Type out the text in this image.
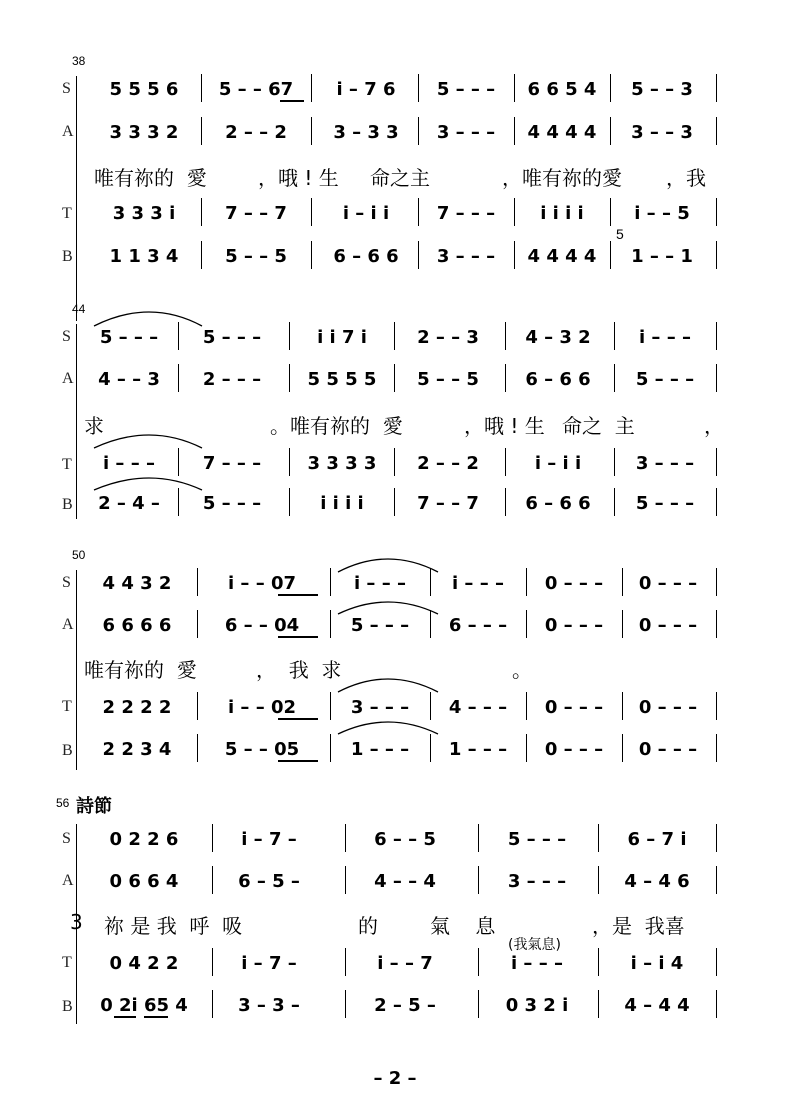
38
S
A
T
B
5 5 5 6	5 – – 67	i – 7 6	5 – – –	6 6 5 4	5 – – 3
3 3 3 2	2 – – 2	3 – 3 3	3 – – –	4 4 4 4	3 – – 3
唯有祢的  愛	，哦 ! 生 命之主	，唯有祢的愛 ，我
3 3 3 i	7 – – 7	i – i i	7 – – –	i i i i	i – – 5
5
1 1 3 4	5 – – 5	6 – 6 6	3 – – –	4 4 4 4	1 – – 1
44
S
A
T
B
5 – – –	5 – – –	i i 7 i	2 – – 3	4 – 3 2	i – – –
4 – – 3	2 – – –	5 5 5 5	5 – – 5	6 – 6 6	5 – – –
求	。唯有祢的  愛	，哦 ! 生 命之  主	，
i – – –	7 – – –	3 3 3 3	2 – – 2	i – i i	3 – – –
2 – 4 –	5 – – –	i i i i	7 – – 7	6 – 6 6	5 – – –
50
S
A
T
B
4 4 3 2	i – – 07	i – – –	i – – –	0 – – –	0 – – –
6 6 6 6	6 – – 04	5 – – –	6 – – –	0 – – –	0 – – –
唯有祢的  愛	，  我  求	。
2 2 2 2	i – – 02	3 – – –	4 – – –	0 – – –	0 – – –
2 2 3 4	5 – – 05	1 – – –	1 – – –	0 – – –	0 – – –
56 詩節
S
A
T
B
0 2 2 6	i – 7 –	6 – – 5	5 – – –	6 – 7 i
0 6 6 4	6 – 5 –	4 – – 4	3 – – –	4 – 4 6
3 祢 是 我  呼  吸	的	氣    息	，是  我喜
(我氣息)
0 4 2 2	i – 7 –	i – – 7	i – – –	i – i 4
0 2i 65 4	3 – 3 –	2 – 5 –	0 3 2 i	4 – 4 4
– 2 –
